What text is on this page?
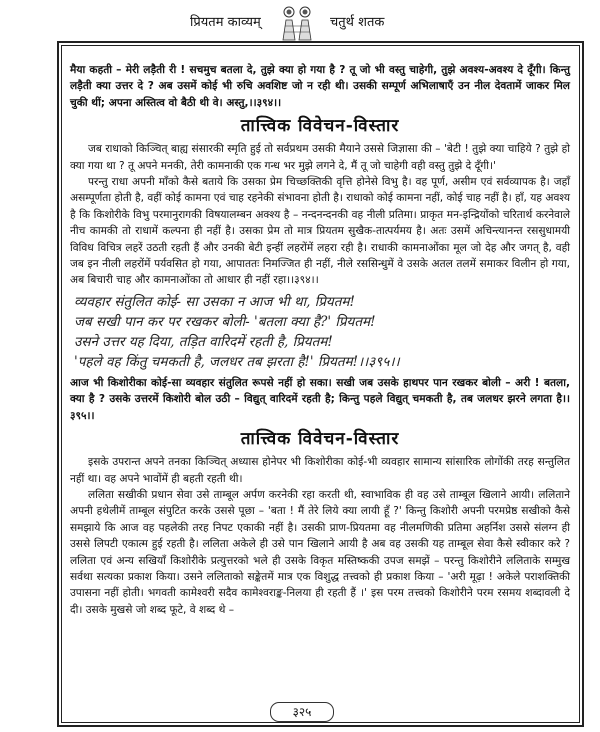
प्रियतम काव्यम्	चतुर्थ शतक

मैया कहती – मेरी लड़ैती री ! सचमुच बतला दे, तुझे क्या हो गया है ? तू जो भी वस्तु चाहेगी, तुझे अवश्य-अवश्य दे दूँगी। किन्तु लड़ैती क्या उत्तर दे ? अब उसमें कोई भी रुचि अवशिष्ट जो न रही थी। उसकी सम्पूर्ण अभिलाषाएँ उन नील देवतामें जाकर मिल चुकी थीं; अपना अस्तित्व वो बैठी थी वे। अस्तु,।।३९४।।

तात्त्विक विवेचन-विस्तार

जब राधाको किञ्चित् बाह्य संसारकी स्मृति हुई तो सर्वप्रथम उसकी मैयाने उससे जिज्ञासा की – 'बेटी ! तुझे क्या चाहिये ? तुझे हो क्या गया था ? तू अपने मनकी, तेरी कामनाकी एक गन्ध भर मुझे लगने दे, मैं तू जो चाहेगी वही वस्तु तुझे दे दूँगी।'

परन्तु राधा अपनी माँको कैसे बताये कि उसका प्रेम चिच्छक्तिकी वृत्ति होनेसे विभु है। वह पूर्ण, असीम एवं सर्वव्यापक है। जहाँ असम्पूर्णता होती है, वहीं कोई कामना एवं चाह रहनेकी संभावना होती है। राधाको कोई कामना नहीं, कोई चाह नहीं है। हाँ, यह अवश्य है कि किशोरीके विभु परमानुरागकी विषयालम्बन अक्श्य है – नन्दनन्दनकी वह नीली प्रतिमा। प्राकृत मन-इन्द्रियोंको चरितार्थ करनेवाले नीच कामकी तो राधामें कल्पना ही नहीं है। उसका प्रेम तो मात्र प्रियतम सुखैक-तात्पर्यमय है। अतः उसमें अचिन्त्यानन्त रससुधामयी विविध विचित्र लहरें उठती रहती हैं और उनकी बेटी इन्हीं लहरोंमें लहरा रही है। राधाकी कामनाओंका मूल जो देह और जगत् है, वही जब इन नीली लहरोंमें पर्यवसित हो गया, आपाततः निमज्जित ही नहीं, नीले रससिन्धुमें वे उसके अतल तलमें समाकर विलीन हो गया, अब बिचारी चाह और कामनाओंका तो आधार ही नहीं रहा।।३९४।।

व्यवहार संतुलित कोई- सा उसका न आज भी था, प्रियतम!
जब सखी पान कर पर रखकर बोली- 'बतला क्या है?' प्रियतम!
उसने उत्तर यह दिया, तड़ित वारिदमें रहती है, प्रियतम!
'पहले वह किंतु चमकती है, जलधर तब झरता है!' प्रियतम!।।३९५।।

आज भी किशोरीका कोई-सा व्यवहार संतुलित रूपसे नहीं हो सका। सखी जब उसके हाथपर पान रखकर बोली – अरी ! बतला, क्या है ? उसके उत्तरमें किशोरी बोल उठी – विद्युत् वारिदमें रहती है; किन्तु पहले विद्युत् चमकती है, तब जलधर झरने लगता है।।३९५।।

तात्त्विक विवेचन-विस्तार

इसके उपरान्त अपने तनका किञ्चित् अध्यास होनेपर भी किशोरीका कोई-भी व्यवहार सामान्य सांसारिक लोगोंकी तरह सन्तुलित नहीं था। वह अपने भावोंमें ही बहती रहती थी।

ललिता सखीकी प्रधान सेवा उसे ताम्बूल अर्पण करनेकी रहा करती थी, स्वाभाविक ही वह उसे ताम्बूल खिलाने आयी। ललिताने अपनी हथेलीमें ताम्बूल संपुटित करके उससे पूछा – 'बता ! मैं तेरे लिये क्या लायी हूँ ?' किन्तु किशोरी अपनी परमप्रेष्ठ सखीको कैसे समझाये कि आज वह पहलेकी तरह निपट एकाकी नहीं है। उसकी प्राण-प्रियतमा वह नीलमणिकी प्रतिमा अहर्निश उससे संलग्न ही उससे लिपटी एकात्म हुई रहती है। ललिता अकेले ही उसे पान खिलाने आयी है अब वह उसकी यह ताम्बूल सेवा कैसे स्वीकार करे ? ललिता एवं अन्य सखियाँ किशोरीके प्रत्युत्तरको भले ही उसके विकृत मस्तिष्ककी उपज समझें – परन्तु किशोरीने ललिताके सम्मुख सर्वथा सत्यका प्रकाश किया। उसने ललिताको सङ्केतमें मात्र एक विशुद्ध तत्त्वको ही प्रकाश किया – 'अरी मूढ़ा ! अकेले पराशक्तिकी उपासना नहीं होती। भगवती कामेश्वरी सदैव कामेश्वराङ्क-निलया ही रहती हैं ।' इस परम तत्त्वको किशोरीने परम रसमय शब्दावली दे दी। उसके मुखसे जो शब्द फूटे, वे शब्द थे –

३२५
